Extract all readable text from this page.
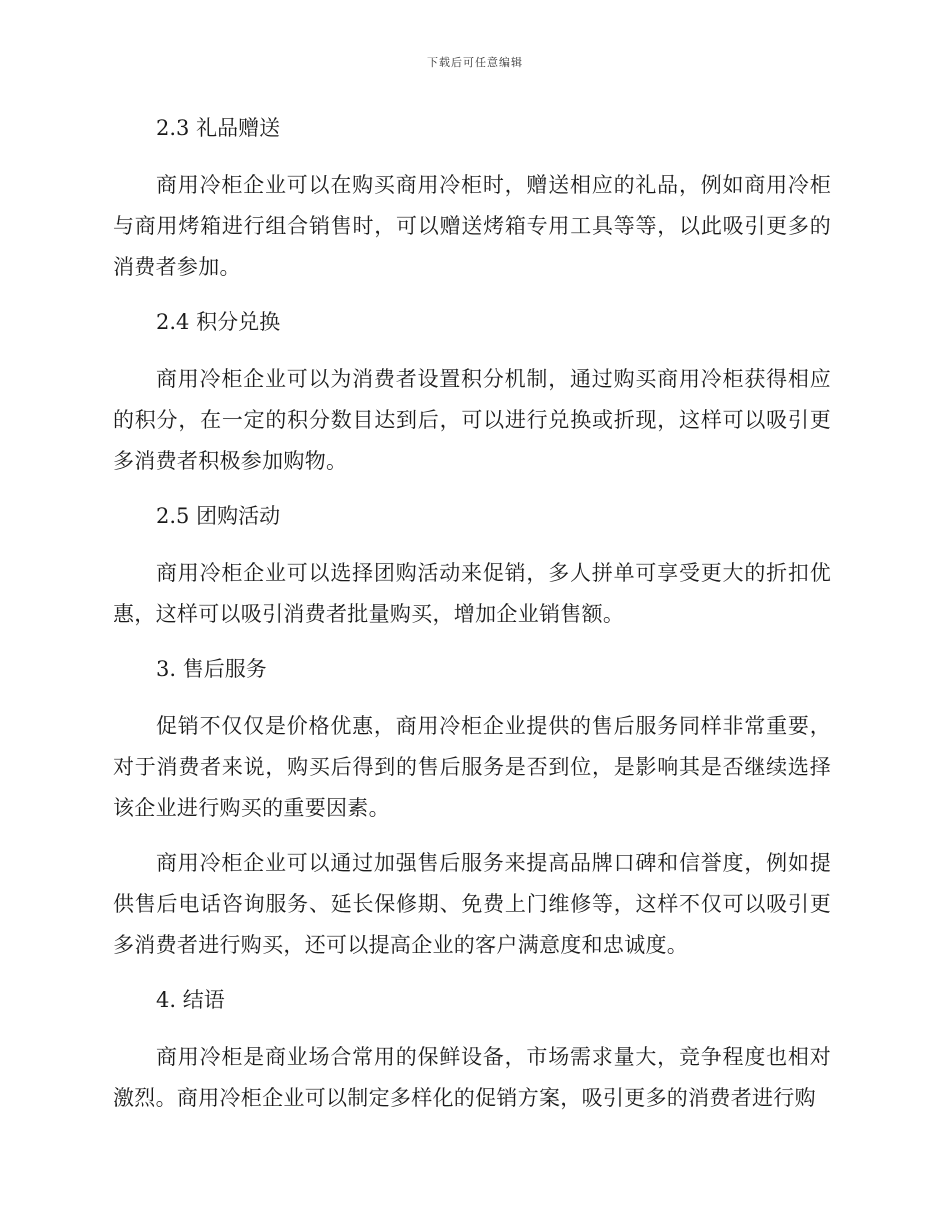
下载后可任意编辑
2.3 礼品赠送

商用冷柜企业可以在购买商用冷柜时，赠送相应的礼品，例如商用冷柜与商用烤箱进行组合销售时，可以赠送烤箱专用工具等等，以此吸引更多的消费者参加。

2.4 积分兑换

商用冷柜企业可以为消费者设置积分机制，通过购买商用冷柜获得相应的积分，在一定的积分数目达到后，可以进行兑换或折现，这样可以吸引更多消费者积极参加购物。

2.5 团购活动

商用冷柜企业可以选择团购活动来促销，多人拼单可享受更大的折扣优惠，这样可以吸引消费者批量购买，增加企业销售额。

3. 售后服务

促销不仅仅是价格优惠，商用冷柜企业提供的售后服务同样非常重要，对于消费者来说，购买后得到的售后服务是否到位，是影响其是否继续选择该企业进行购买的重要因素。

商用冷柜企业可以通过加强售后服务来提高品牌口碑和信誉度，例如提供售后电话咨询服务、延长保修期、免费上门维修等，这样不仅可以吸引更多消费者进行购买，还可以提高企业的客户满意度和忠诚度。

4. 结语

商用冷柜是商业场合常用的保鲜设备，市场需求量大，竞争程度也相对激烈。商用冷柜企业可以制定多样化的促销方案，吸引更多的消费者进行购
